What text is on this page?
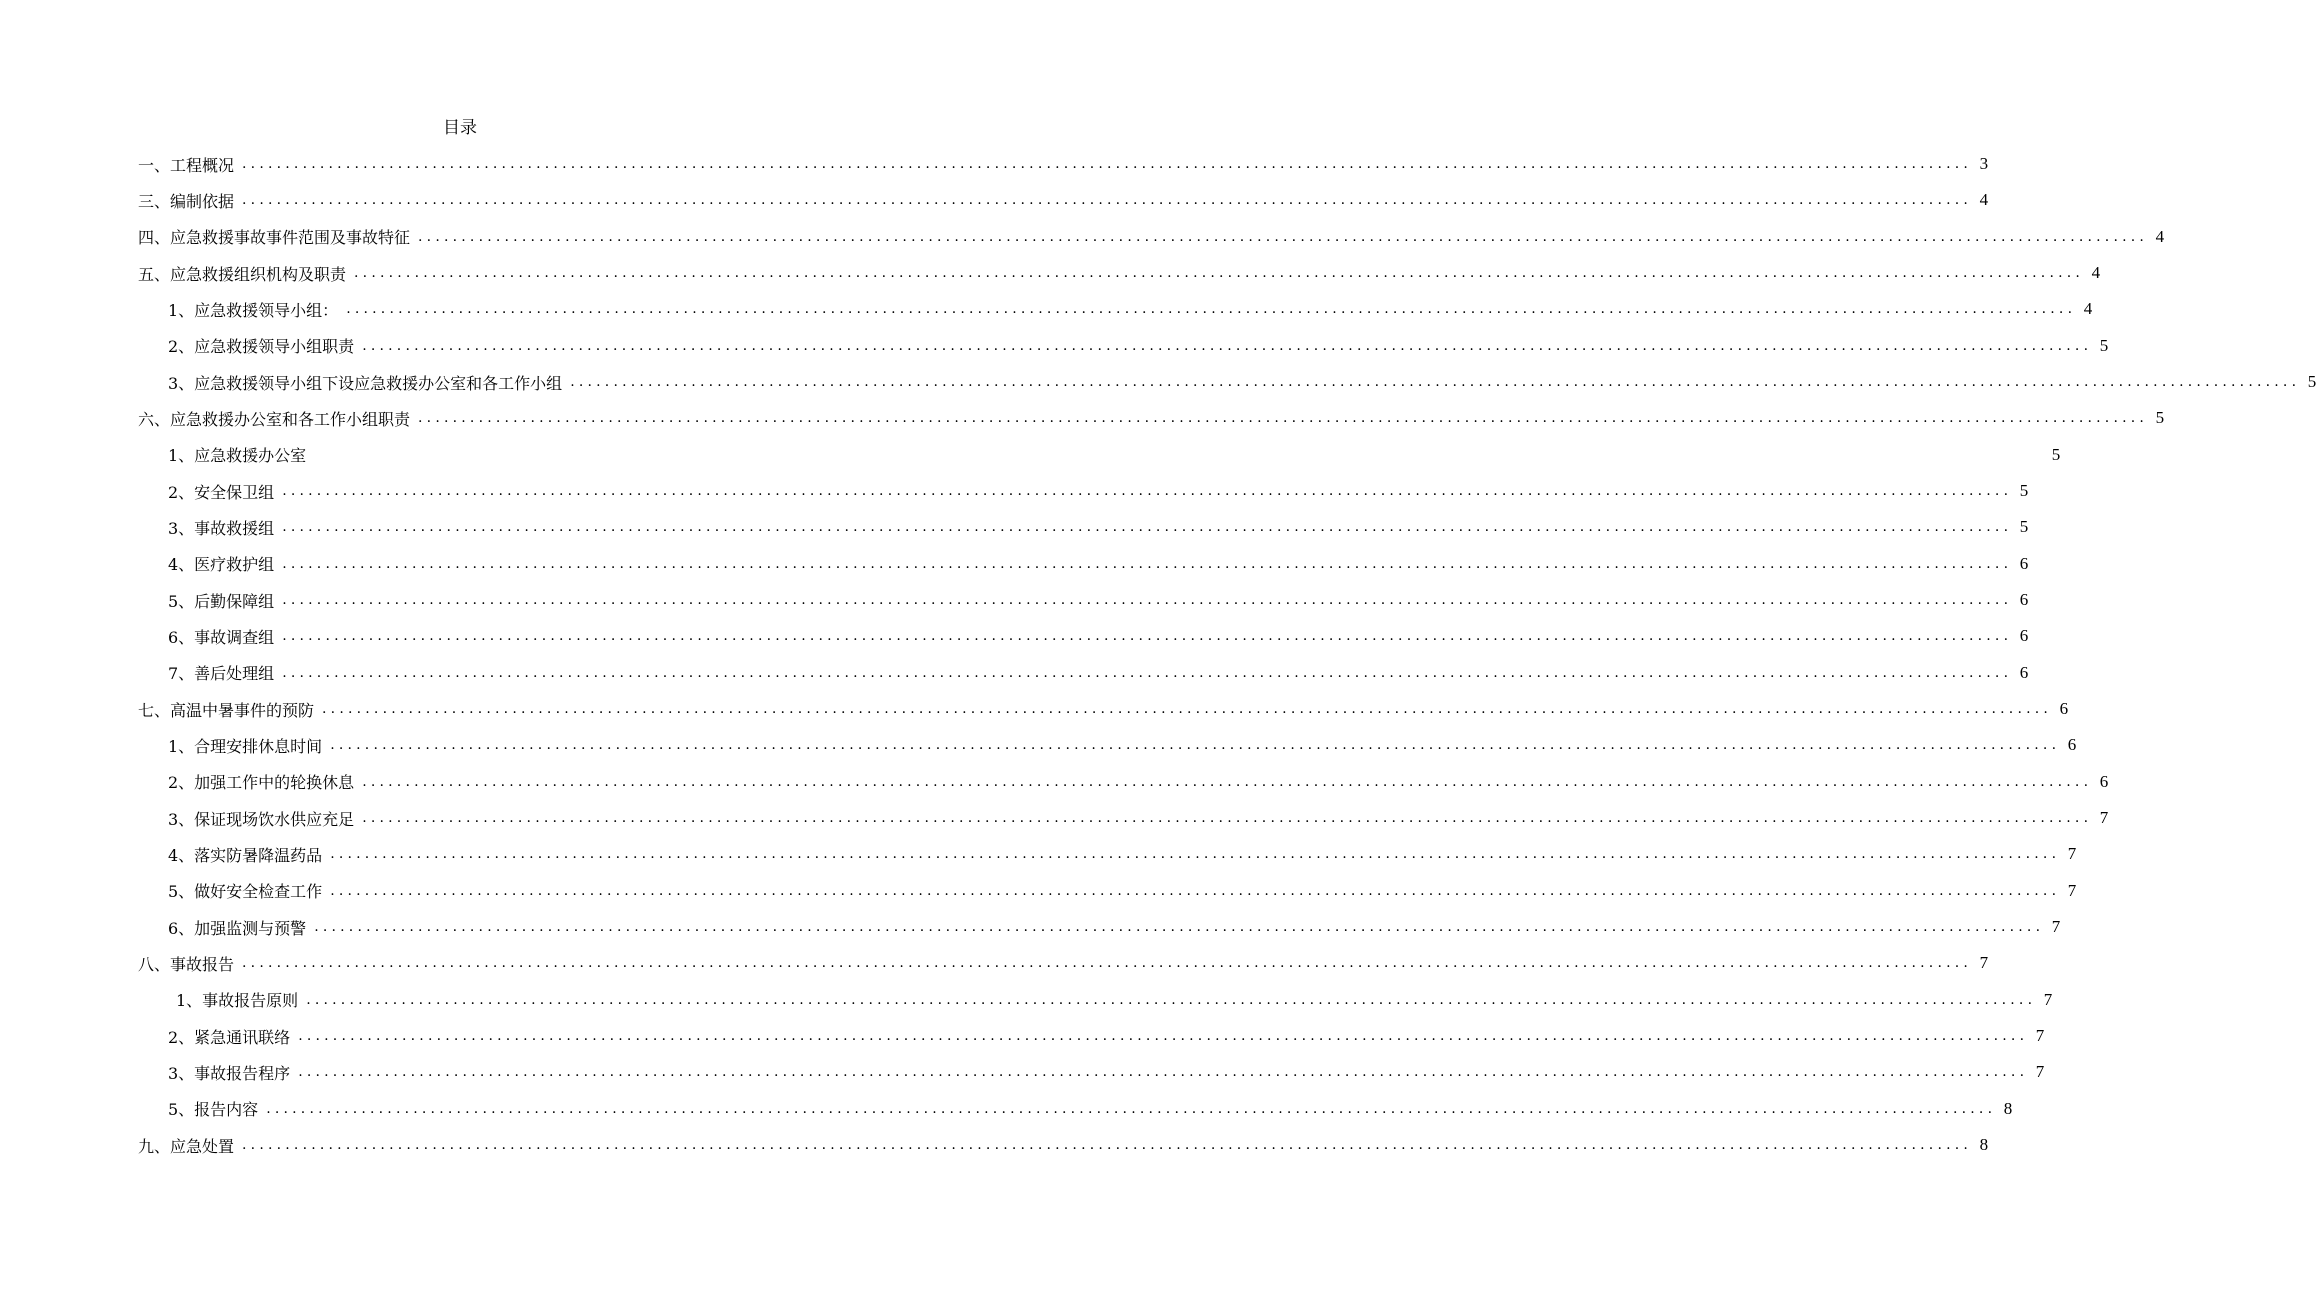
目录
一、工程概况 ........................................................................................................................................................................................................ 3
三、编制依据 ........................................................................................................................................................................................................ 4
四、应急救援事故事件范围及事故特征 ........................................................................................................................................................................................................ 4
五、应急救援组织机构及职责 ........................................................................................................................................................................................................ 4
1、应急救援领导小组： ........................................................................................................................................................................................................ 4
2、应急救援领导小组职责 ........................................................................................................................................................................................................ 5
3、应急救援领导小组下设应急救援办公室和各工作小组 ........................................................................................................................................................................................................ 5
六、应急救援办公室和各工作小组职责 ........................................................................................................................................................................................................ 5
1、应急救援办公室	5
2、安全保卫组 ........................................................................................................................................................................................................ 5
3、事故救援组 ........................................................................................................................................................................................................ 5
4、医疗救护组 ........................................................................................................................................................................................................ 6
5、后勤保障组 ........................................................................................................................................................................................................ 6
6、事故调查组 ........................................................................................................................................................................................................ 6
7、善后处理组 ........................................................................................................................................................................................................ 6
七、高温中暑事件的预防 ........................................................................................................................................................................................................ 6
1、合理安排休息时间 ........................................................................................................................................................................................................ 6
2、加强工作中的轮换休息 ........................................................................................................................................................................................................ 6
3、保证现场饮水供应充足 ........................................................................................................................................................................................................ 7
4、落实防暑降温药品 ........................................................................................................................................................................................................ 7
5、做好安全检查工作 ........................................................................................................................................................................................................ 7
6、加强监测与预警 ........................................................................................................................................................................................................ 7
八、事故报告 ........................................................................................................................................................................................................ 7
1、事故报告原则 ........................................................................................................................................................................................................ 7
2、紧急通讯联络 ........................................................................................................................................................................................................ 7
3、事故报告程序 ........................................................................................................................................................................................................ 7
5、报告内容 ........................................................................................................................................................................................................ 8
九、应急处置 ........................................................................................................................................................................................................ 8
